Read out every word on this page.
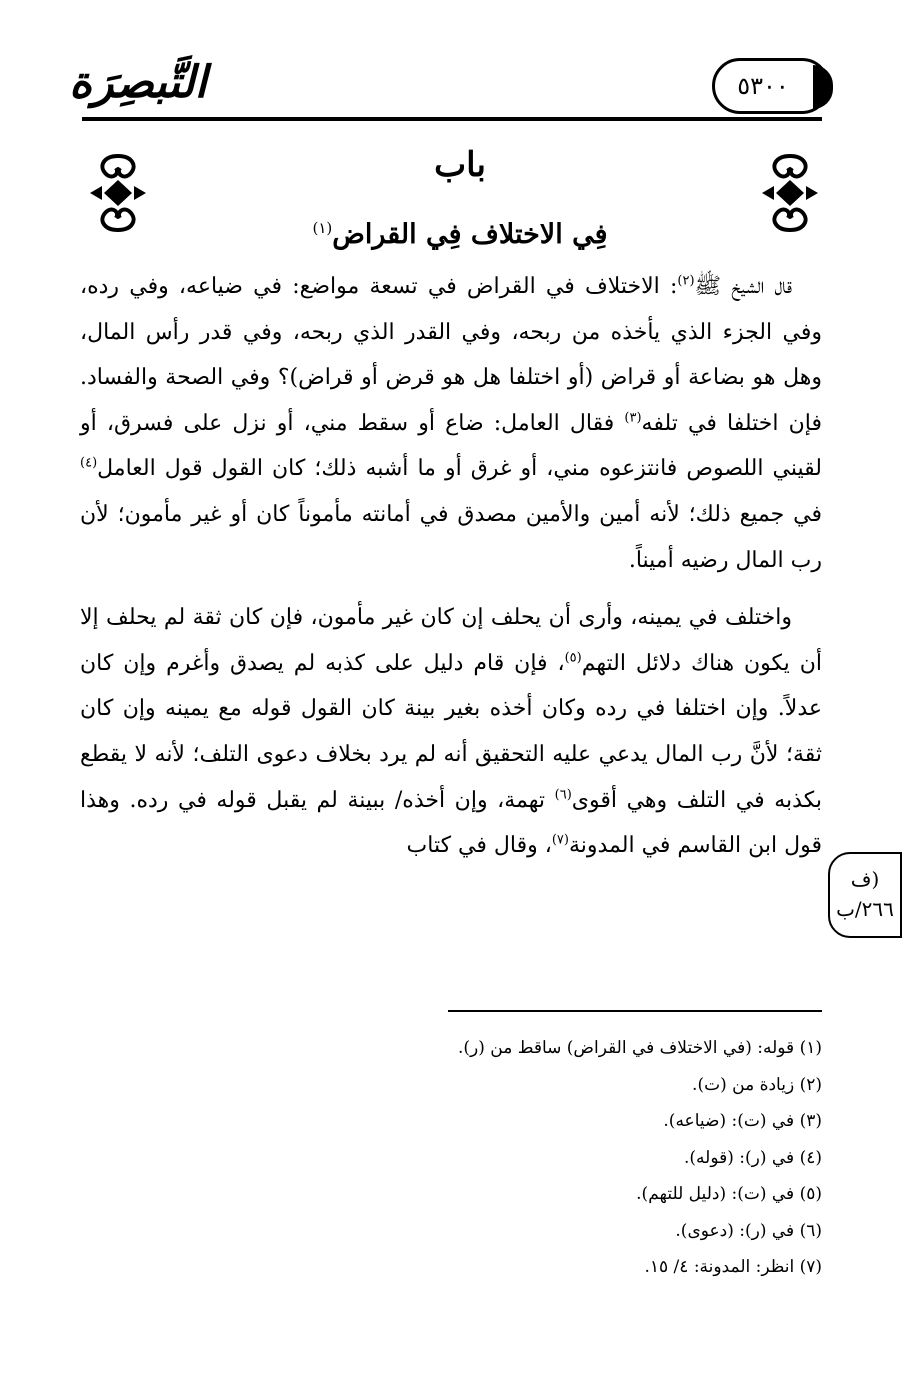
التَّبصِرَة	٥٣٠٠
باب
فِي الاختلاف فِي القراض$^{(١)}$

قال الشيخ ﷺ$^{(٢)}$: الاختلاف في القراض في تسعة مواضع: في ضياعه، وفي رده، وفي الجزء الذي يأخذه من ربحه، وفي القدر الذي ربحه، وفي قدر رأس المال، وهل هو بضاعة أو قراض (أو اختلفا هل هو قرض أو قراض)؟ وفي الصحة والفساد. فإن اختلفا في تلفه$^{(٣)}$ فقال العامل: ضاع أو سقط مني، أو نزل على فسرق، أو لقيني اللصوص فانتزعوه مني، أو غرق أو ما أشبه ذلك؛ كان القول قول العامل$^{(٤)}$ في جميع ذلك؛ لأنه أمين والأمين مصدق في أمانته مأموناً كان أو غير مأمون؛ لأن رب المال رضيه أميناً.

واختلف في يمينه، وأرى أن يحلف إن كان غير مأمون، فإن كان ثقة لم يحلف إلا أن يكون هناك دلائل التهم$^{(٥)}$، فإن قام دليل على كذبه لم يصدق وأغرم وإن كان عدلاً. وإن اختلفا في رده وكان أخذه بغير بينة كان القول قوله مع يمينه وإن كان ثقة؛ لأنَّ رب المال يدعي عليه التحقيق أنه لم يرد بخلاف دعوى التلف؛ لأنه لا يقطع بكذبه في التلف وهي أقوى$^{(٦)}$ تهمة، وإن أخذه/ ببينة لم يقبل قوله في رده. وهذا قول ابن القاسم في المدونة$^{(٧)}$، وقال في كتاب

(ف
٢٦٦/ب
(١) قوله: (في الاختلاف في القراض) ساقط من (ر).
(٢) زيادة من (ت).
(٣) في (ت): (ضياعه).
(٤) في (ر): (قوله).
(٥) في (ت): (دليل للتهم).
(٦) في (ر): (دعوى).
(٧) انظر: المدونة: ٤/ ١٥.
